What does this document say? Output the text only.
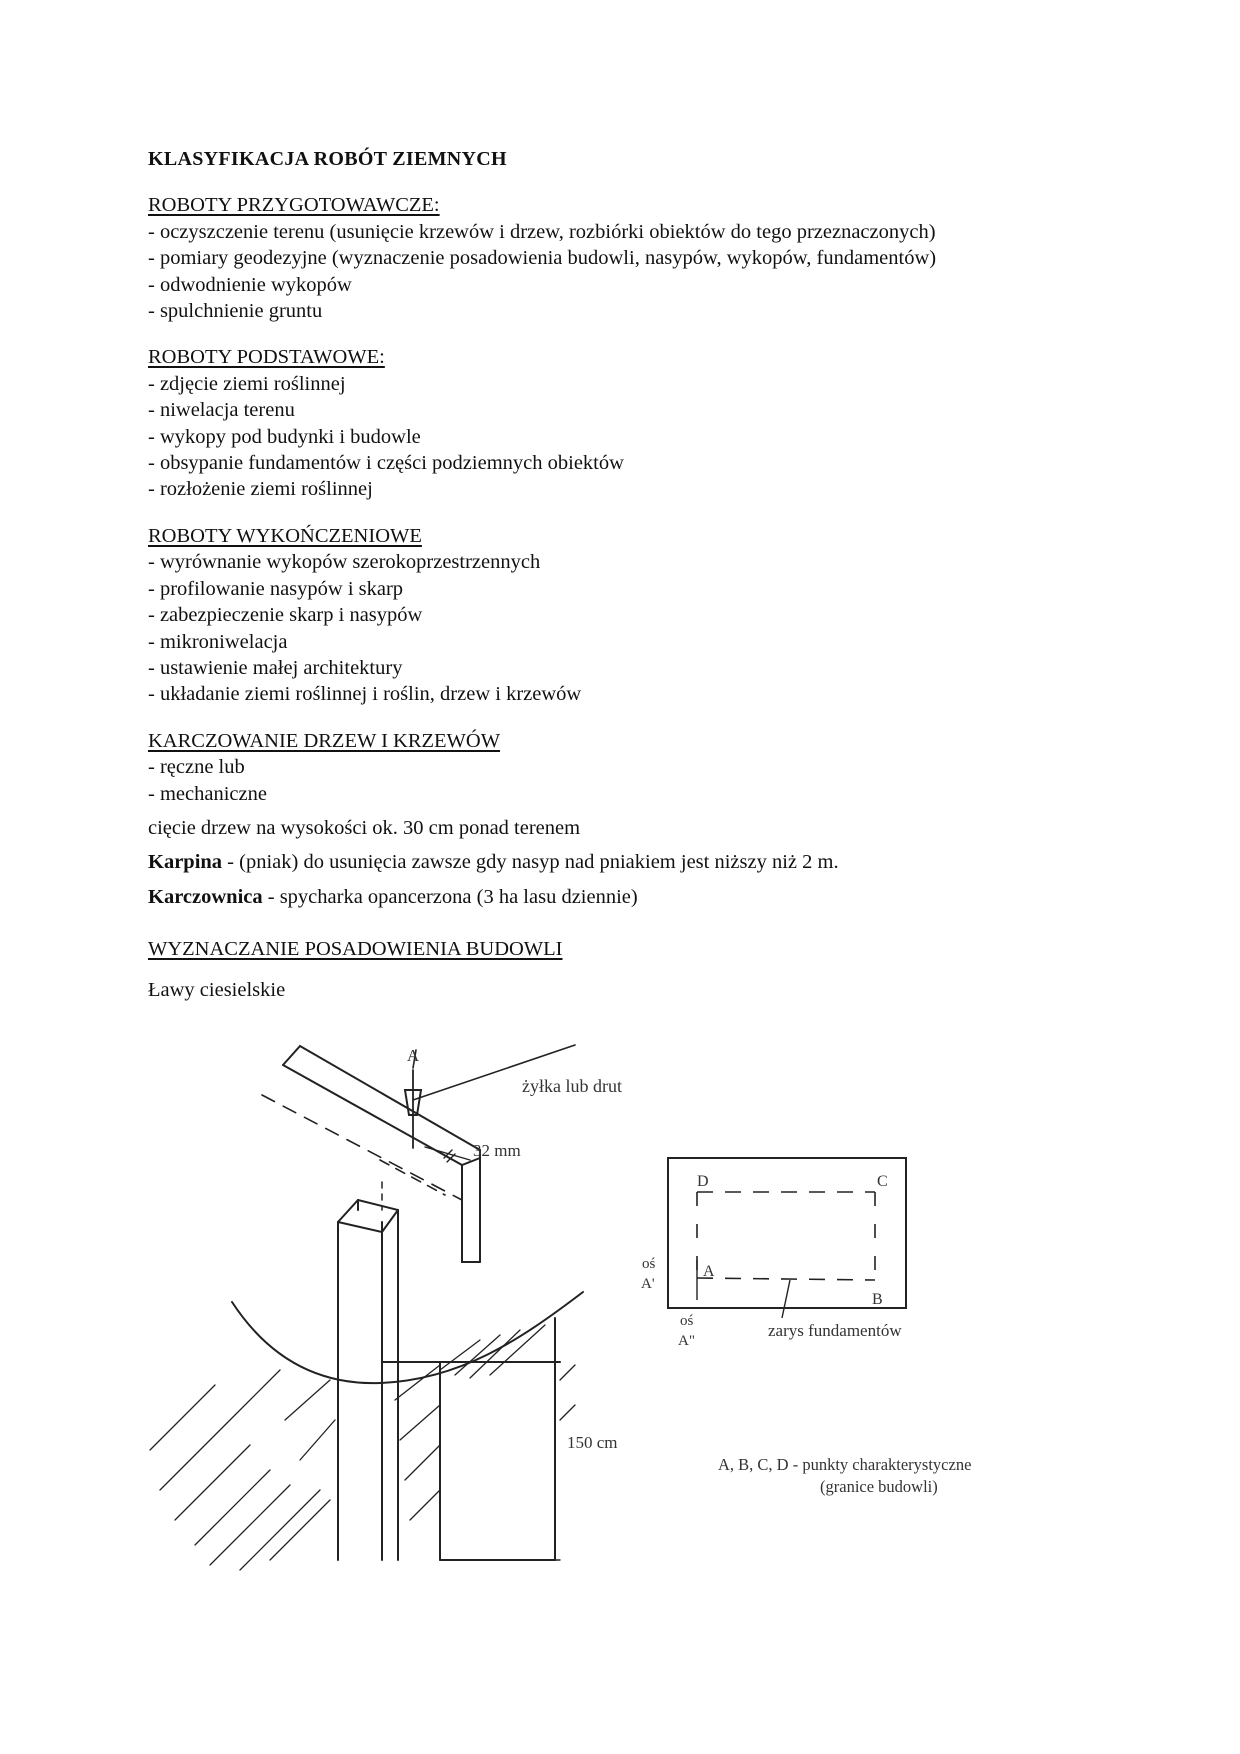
KLASYFIKACJA ROBÓT ZIEMNYCH
ROBOTY PRZYGOTOWAWCZE:
- oczyszczenie terenu (usunięcie krzewów i drzew, rozbiórki obiektów do tego przeznaczonych)
- pomiary geodezyjne (wyznaczenie posadowienia budowli, nasypów, wykopów, fundamentów)
- odwodnienie wykopów
- spulchnienie gruntu
ROBOTY PODSTAWOWE:
- zdjęcie ziemi roślinnej
- niwelacja terenu
- wykopy pod budynki i budowle
- obsypanie fundamentów i części podziemnych obiektów
- rozłożenie ziemi roślinnej
ROBOTY WYKOŃCZENIOWE
- wyrównanie wykopów szerokoprzestrzennych
- profilowanie nasypów i skarp
- zabezpieczenie skarp i nasypów
- mikroniwelacja
- ustawienie małej architektury
- układanie ziemi roślinnej i roślin, drzew i krzewów
KARCZOWANIE DRZEW I KRZEWÓW
- ręczne lub
- mechaniczne
cięcie drzew na wysokości ok. 30 cm ponad terenem
Karpina - (pniak) do usunięcia zawsze gdy nasyp nad pniakiem jest niższy niż 2 m.
Karczownica - spycharka opancerzona (3 ha lasu dziennie)
WYZNACZANIE POSADOWIENIA BUDOWLI
Ławy ciesielskie
A
żyłka lub drut
32 mm
150 cm
D	C
A
B
oś
A'
oś
A"
zarys fundamentów
A, B, C, D - punkty charakterystyczne
(granice budowli)
